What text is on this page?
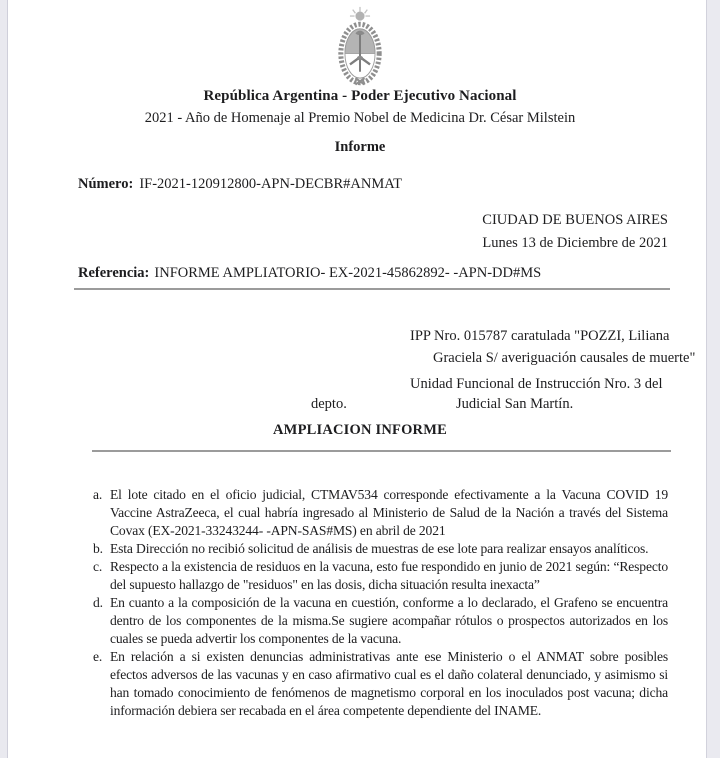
República Argentina - Poder Ejecutivo Nacional
2021 - Año de Homenaje al Premio Nobel de Medicina Dr. César Milstein
Informe
Número: IF-2021-120912800-APN-DECBR#ANMAT
CIUDAD DE BUENOS AIRES
Lunes 13 de Diciembre de 2021
Referencia: INFORME AMPLIATORIO- EX-2021-45862892- -APN-DD#MS
IPP Nro. 015787 caratulada "POZZI, Liliana
Graciela S/ averiguación causales de muerte"
Unidad Funcional de Instrucción Nro. 3 del
depto.	Judicial San Martín.
AMPLIACION INFORME
a. El lote citado en el oficio judicial, CTMAV534 corresponde efectivamente a la Vacuna COVID 19 Vaccine AstraZeeca, el cual habría ingresado al Ministerio de Salud de la Nación a través del Sistema Covax (EX-2021-33243244- -APN-SAS#MS) en abril de 2021
b. Esta Dirección no recibió solicitud de análisis de muestras de ese lote para realizar ensayos analíticos.
c. Respecto a la existencia de residuos en la vacuna, esto fue respondido en junio de 2021 según: “Respecto del supuesto hallazgo de "residuos" en las dosis, dicha situación resulta inexacta”
d. En cuanto a la composición de la vacuna en cuestión, conforme a lo declarado, el Grafeno se encuentra dentro de los componentes de la misma.Se sugiere acompañar rótulos o prospectos autorizados en los cuales se pueda advertir los componentes de la vacuna.
e. En relación a si existen denuncias administrativas ante ese Ministerio o el ANMAT sobre posibles efectos adversos de las vacunas y en caso afirmativo cual es el daño colateral denunciado, y asimismo si han tomado conocimiento de fenómenos de magnetismo corporal en los inoculados post vacuna; dicha información debiera ser recabada en el área competente dependiente del INAME.
